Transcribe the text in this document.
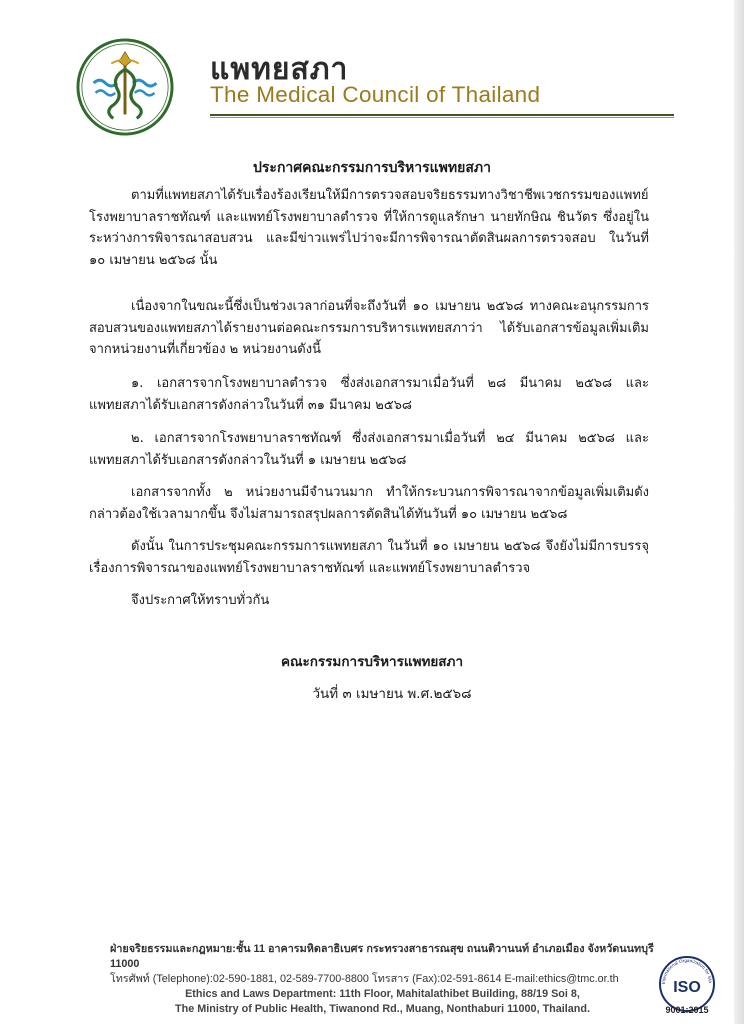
แพทยสภา
The Medical Council of Thailand
ประกาศคณะกรรมการบริหารแพทยสภา
ตามที่แพทยสภาได้รับเรื่องร้องเรียนให้มีการตรวจสอบจริยธรรมทางวิชาชีพเวชกรรมของแพทย์โรงพยาบาลราชทัณฑ์ และแพทย์โรงพยาบาลตำรวจ ที่ให้การดูแลรักษา นายทักษิณ ชินวัตร ซึ่งอยู่ในระหว่างการพิจารณาสอบสวน และมีข่าวแพร่ไปว่าจะมีการพิจารณาตัดสินผลการตรวจสอบ ในวันที่ ๑๐ เมษายน ๒๕๖๘ นั้น
เนื่องจากในขณะนี้ซึ่งเป็นช่วงเวลาก่อนที่จะถึงวันที่ ๑๐ เมษายน ๒๕๖๘ ทางคณะอนุกรรมการสอบสวนของแพทยสภาได้รายงานต่อคณะกรรมการบริหารแพทยสภาว่า ได้รับเอกสารข้อมูลเพิ่มเติมจากหน่วยงานที่เกี่ยวข้อง ๒ หน่วยงานดังนี้
๑. เอกสารจากโรงพยาบาลตำรวจ ซึ่งส่งเอกสารมาเมื่อวันที่ ๒๘ มีนาคม ๒๕๖๘ และแพทยสภาได้รับเอกสารดังกล่าวในวันที่ ๓๑ มีนาคม ๒๕๖๘
๒. เอกสารจากโรงพยาบาลราชทัณฑ์ ซึ่งส่งเอกสารมาเมื่อวันที่ ๒๔ มีนาคม ๒๕๖๘ และแพทยสภาได้รับเอกสารดังกล่าวในวันที่ ๑ เมษายน ๒๕๖๘
เอกสารจากทั้ง ๒ หน่วยงานมีจำนวนมาก ทำให้กระบวนการพิจารณาจากข้อมูลเพิ่มเติมดังกล่าวต้องใช้เวลามากขึ้น จึงไม่สามารถสรุปผลการตัดสินได้ทันวันที่ ๑๐ เมษายน ๒๕๖๘
ดังนั้น ในการประชุมคณะกรรมการแพทยสภา ในวันที่ ๑๐ เมษายน ๒๕๖๘ จึงยังไม่มีการบรรจุเรื่องการพิจารณาของแพทย์โรงพยาบาลราชทัณฑ์ และแพทย์โรงพยาบาลตำรวจ
จึงประกาศให้ทราบทั่วกัน
คณะกรรมการบริหารแพทยสภา
วันที่ ๓ เมษายน พ.ศ.๒๕๖๘
ฝ่ายจริยธรรมและกฎหมาย:ชั้น 11 อาคารมหิดลาธิเบศร กระทรวงสาธารณสุข ถนนติวานนท์ อำเภอเมือง จังหวัดนนทบุรี 11000
โทรศัพท์ (Telephone):02-590-1881, 02-589-7700-8800 โทรสาร (Fax):02-591-8614 E-mail:ethics@tmc.or.th
Ethics and Laws Department: 11th Floor, Mahitalathibet Building, 88/19 Soi 8,
The Ministry of Public Health, Tiwanond Rd., Muang, Nonthaburi 11000, Thailand.
International Organization for Sta
ISO
9001:2015
